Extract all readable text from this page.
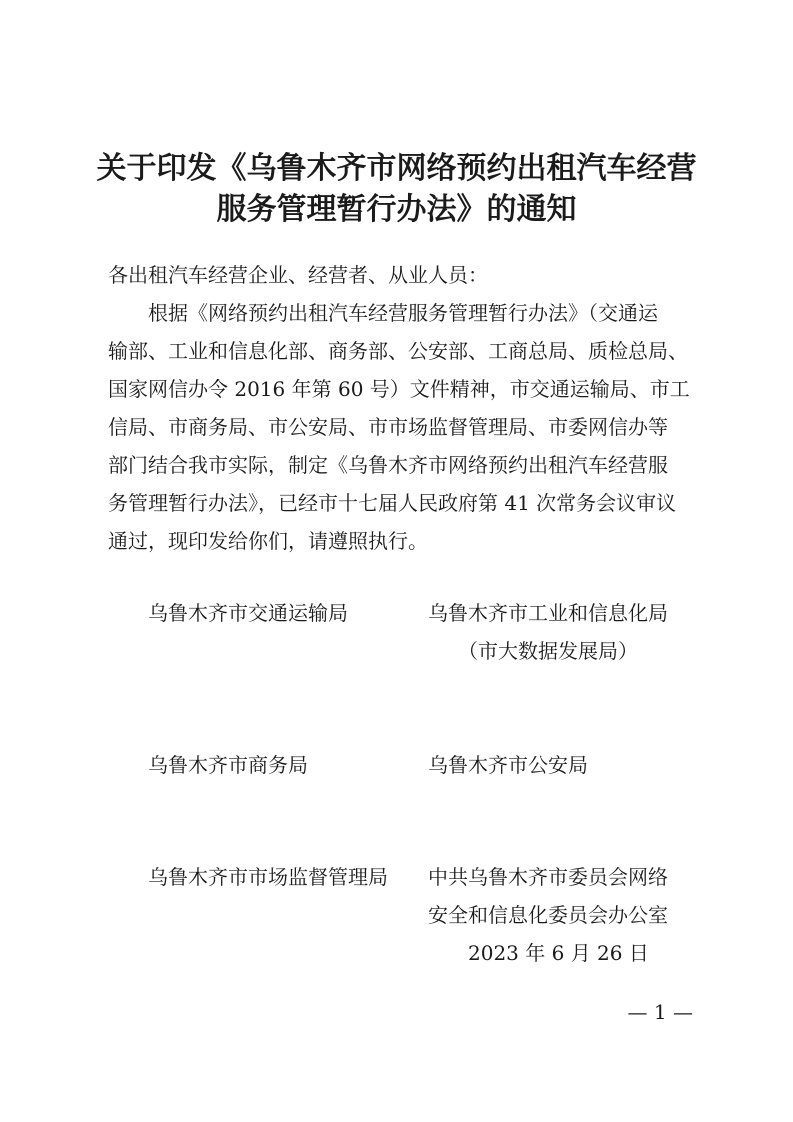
关于印发《乌鲁木齐市网络预约出租汽车经营
服务管理暂行办法》的通知
各出租汽车经营企业、经营者、从业人员：
根据《网络预约出租汽车经营服务管理暂行办法》（交通运
输部、工业和信息化部、商务部、公安部、工商总局、质检总局、
国家网信办令 2016 年第 60 号）文件精神，市交通运输局、市工
信局、市商务局、市公安局、市市场监督管理局、市委网信办等
部门结合我市实际，制定《乌鲁木齐市网络预约出租汽车经营服
务管理暂行办法》，已经市十七届人民政府第 41 次常务会议审议
通过，现印发给你们，请遵照执行。
乌鲁木齐市交通运输局	乌鲁木齐市工业和信息化局
（市大数据发展局）
乌鲁木齐市商务局	乌鲁木齐市公安局
乌鲁木齐市市场监督管理局 中共乌鲁木齐市委员会网络
安全和信息化委员会办公室
2023 年 6 月 26 日
— 1 —
